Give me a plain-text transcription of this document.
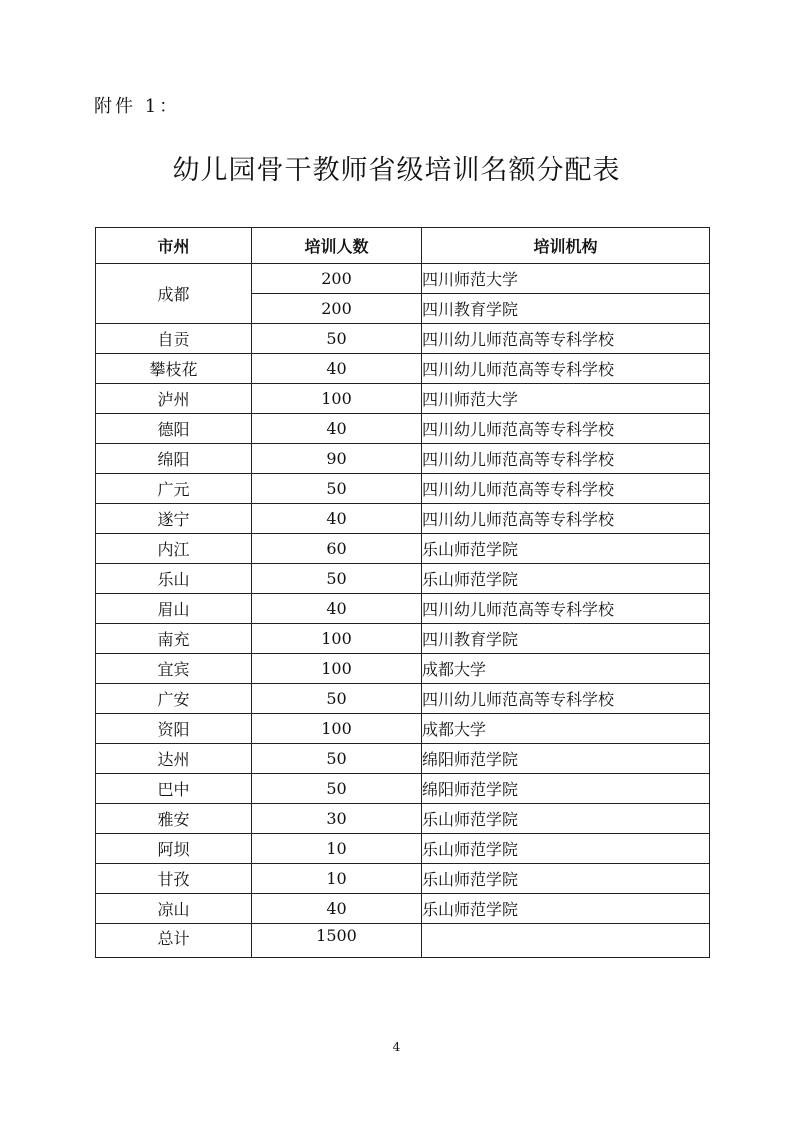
附件 1：
幼儿园骨干教师省级培训名额分配表
市州	培训人数	培训机构
成都	200	四川师范大学
	200	四川教育学院
自贡	50	四川幼儿师范高等专科学校
攀枝花	40	四川幼儿师范高等专科学校
泸州	100	四川师范大学
德阳	40	四川幼儿师范高等专科学校
绵阳	90	四川幼儿师范高等专科学校
广元	50	四川幼儿师范高等专科学校
遂宁	40	四川幼儿师范高等专科学校
内江	60	乐山师范学院
乐山	50	乐山师范学院
眉山	40	四川幼儿师范高等专科学校
南充	100	四川教育学院
宜宾	100	成都大学
广安	50	四川幼儿师范高等专科学校
资阳	100	成都大学
达州	50	绵阳师范学院
巴中	50	绵阳师范学院
雅安	30	乐山师范学院
阿坝	10	乐山师范学院
甘孜	10	乐山师范学院
凉山	40	乐山师范学院
总计	1500	
4
